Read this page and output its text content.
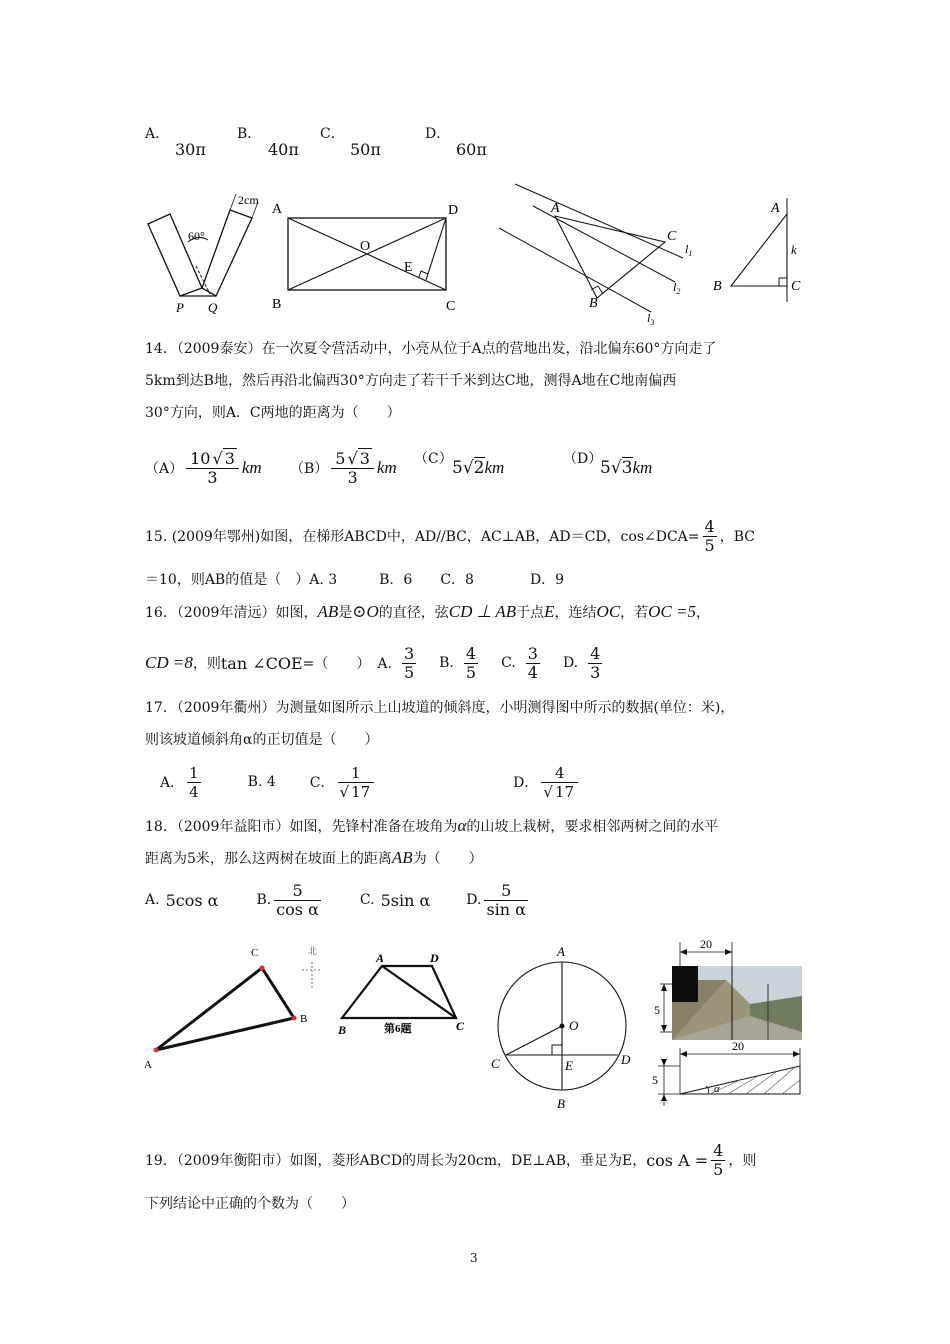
A．
30π
B．
40π
C．
50π
D．
60π
60°
2cm
P Q
A	D
B	C
O
E
A
B
C
$l_1$
$l_2$
$l_3$
A
B	C
k
14．（2009泰安）在一次夏令营活动中，小亮从位于A点的营地出发，沿北偏东60°方向走了
5km到达B地，然后再沿北偏西30°方向走了若干千米到达C地，测得A地在C地南偏西
30°方向，则A．C两地的距离为（　　）
$(A) \frac{10 √ 3}{3}$ km $(B) \frac{5 √ 3}{3}$ km （C） 5√2km	（D）
5√3km
15. (2009年鄂州)如图，在梯形ABCD中，AD//BC，AC⊥AB，AD＝CD，cos∠DCA= $\frac{4}{5}$ ，BC
＝10，则AB的值是（　）A. 3　　　B．6　　C．8　　　　D．9
16．（2009年清远）如图， AB 是 ⊙ O 的直径，弦 CD ⊥ AB 于点 E ，连结 OC ，若 OC =5 ，
CD =8 ，则 tan ∠COE =（　　）　A. $\frac{3}{5} B$. $\frac{4}{5} C$. $\frac{3}{4} D$. $\frac{4}{3}$
17．（2009年衢州）为测量如图所示上山坡道的倾斜度，小明测得图中所示的数据(单位：米)，
则该坡道倾斜角α的正切值是（　　）
A． $\frac{1}{4}$	B. 4 C． $\frac{1}{√ 17}$	D． $\frac{4}{√ 17}$
18．（2009年益阳市）如图，先锋村准备在坡角为 α 的山坡上栽树，要求相邻两树之间的水平
距离为5米，那么这两树在坡面上的距离 AB 为（　　）
A. 5cos α	B. $\frac{5}{\text{cos α}}$	C. 5sin α	D. $\frac{5}{\text{sin α}}$
C
B
A
北	A	D
B	C
第6题
A
B
C	D
O
E
20
5
20
α
5
19．（2009年衡阳市）如图，菱形ABCD的周长为20cm，DE⊥AB，垂足为E， $\cos A = \frac{4}{5}$ ，则
下列结论中正确的个数为（　　）
3
